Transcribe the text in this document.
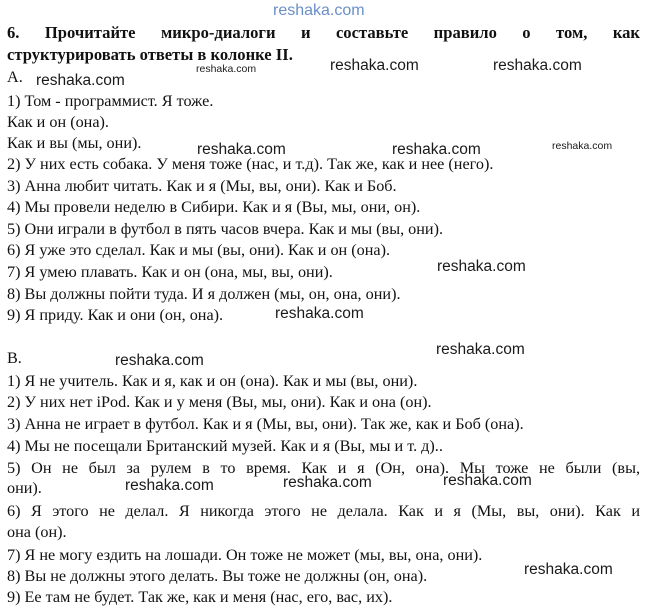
reshaka.com
reshaka.com
reshaka.com	reshaka.com	reshaka.com
reshaka.com	reshaka.com	reshaka.com
reshaka.com
reshaka.com
reshaka.com
reshaka.com
reshaka.com	reshaka.com	reshaka.com
reshaka.com
6. Прочитайте микро-диалоги и составьте правило о том, как
структурировать ответы в колонке II.
A.
1) Том - программист. Я тоже.
Как и он (она).
Как и вы (мы, они).
2) У них есть собака. У меня тоже (нас, и т.д). Так же, как и нее (него).
3) Анна любит читать. Как и я (Мы, вы, они). Как и Боб.
4) Мы провели неделю в Сибири. Как и я (Вы, мы, они, он).
5) Они играли в футбол в пять часов вчера. Как и мы (вы, они).
6) Я уже это сделал. Как и мы (вы, они). Как и он (она).
7) Я умею плавать. Как и он (она, мы, вы, они).
8) Вы должны пойти туда. И я должен (мы, он, она, они).
9) Я приду. Как и они (он, она).
B.
1) Я не учитель. Как и я, как и он (она). Как и мы (вы, они).
2) У них нет iPod. Как и у меня (Вы, мы, они). Как и она (он).
3) Анна не играет в футбол. Как и я (Мы, вы, они). Так же, как и Боб (она).
4) Мы не посещали Британский музей. Как и я (Вы, мы и т. д)..
5) Он не был за рулем в то время. Как и я (Он, она). Мы тоже не были (вы,
они).
6) Я этого не делал. Я никогда этого не делала. Как и я (Мы, вы, они). Как и
она (он).
7) Я не могу ездить на лошади. Он тоже не может (мы, вы, она, они).
8) Вы не должны этого делать. Вы тоже не должны (он, она).
9) Ее там не будет. Так же, как и меня (нас, его, вас, их).
